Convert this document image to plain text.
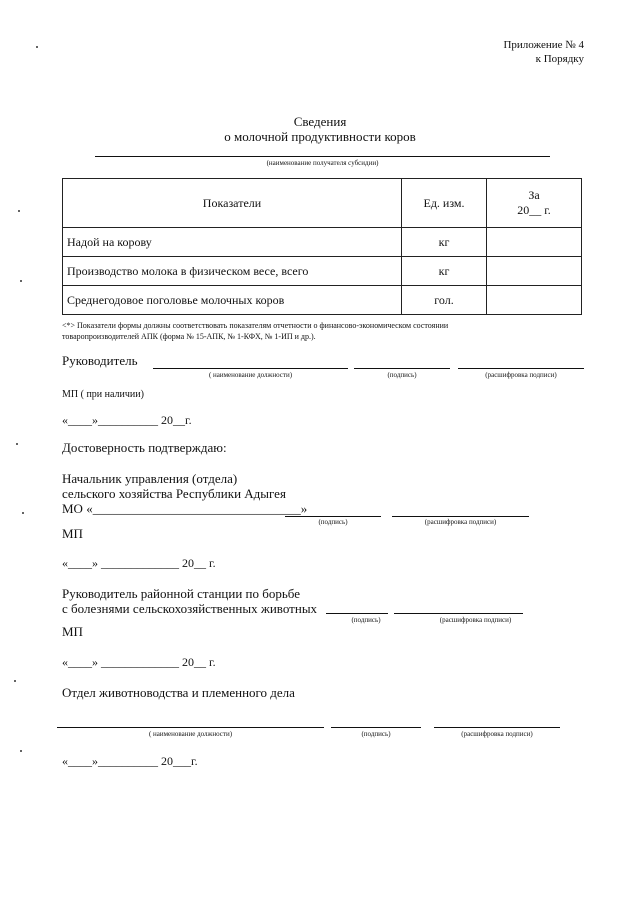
Приложение № 4
к Порядку
Сведения
о молочной продуктивности коров
(наименование получателя субсидии)
Показатели	Ед. изм.	За
20__ г.

Надой на корову	кг	
Производство молока в физическом весе, всего	кг	
Среднегодовое поголовье молочных коров	гол.	
<*> Показатели формы должны соответствовать показателям отчетности о финансово-экономическом состоянии
товаропроизводителей АПК (форма № 15-АПК, № 1-КФХ, № 1-ИП и др.).
Руководитель
( наименование должности)	(подпись)	(расшифровка подписи)
МП ( при наличии)
«____»__________ 20__г.
Достоверность подтверждаю:
Начальник управления (отдела)
сельского хозяйства Республики Адыгея
МО «________________________________»
(подпись)	(расшифровка подписи)
МП
«____» _____________ 20__ г.
Руководитель районной станции по борьбе
с болезнями сельскохозяйственных животных
(подпись)	(расшифровка подписи)
МП
«____» _____________ 20__ г.
Отдел животноводства и племенного дела
( наименование должности)	(подпись)	(расшифровка подписи)
«____»__________ 20___г.
